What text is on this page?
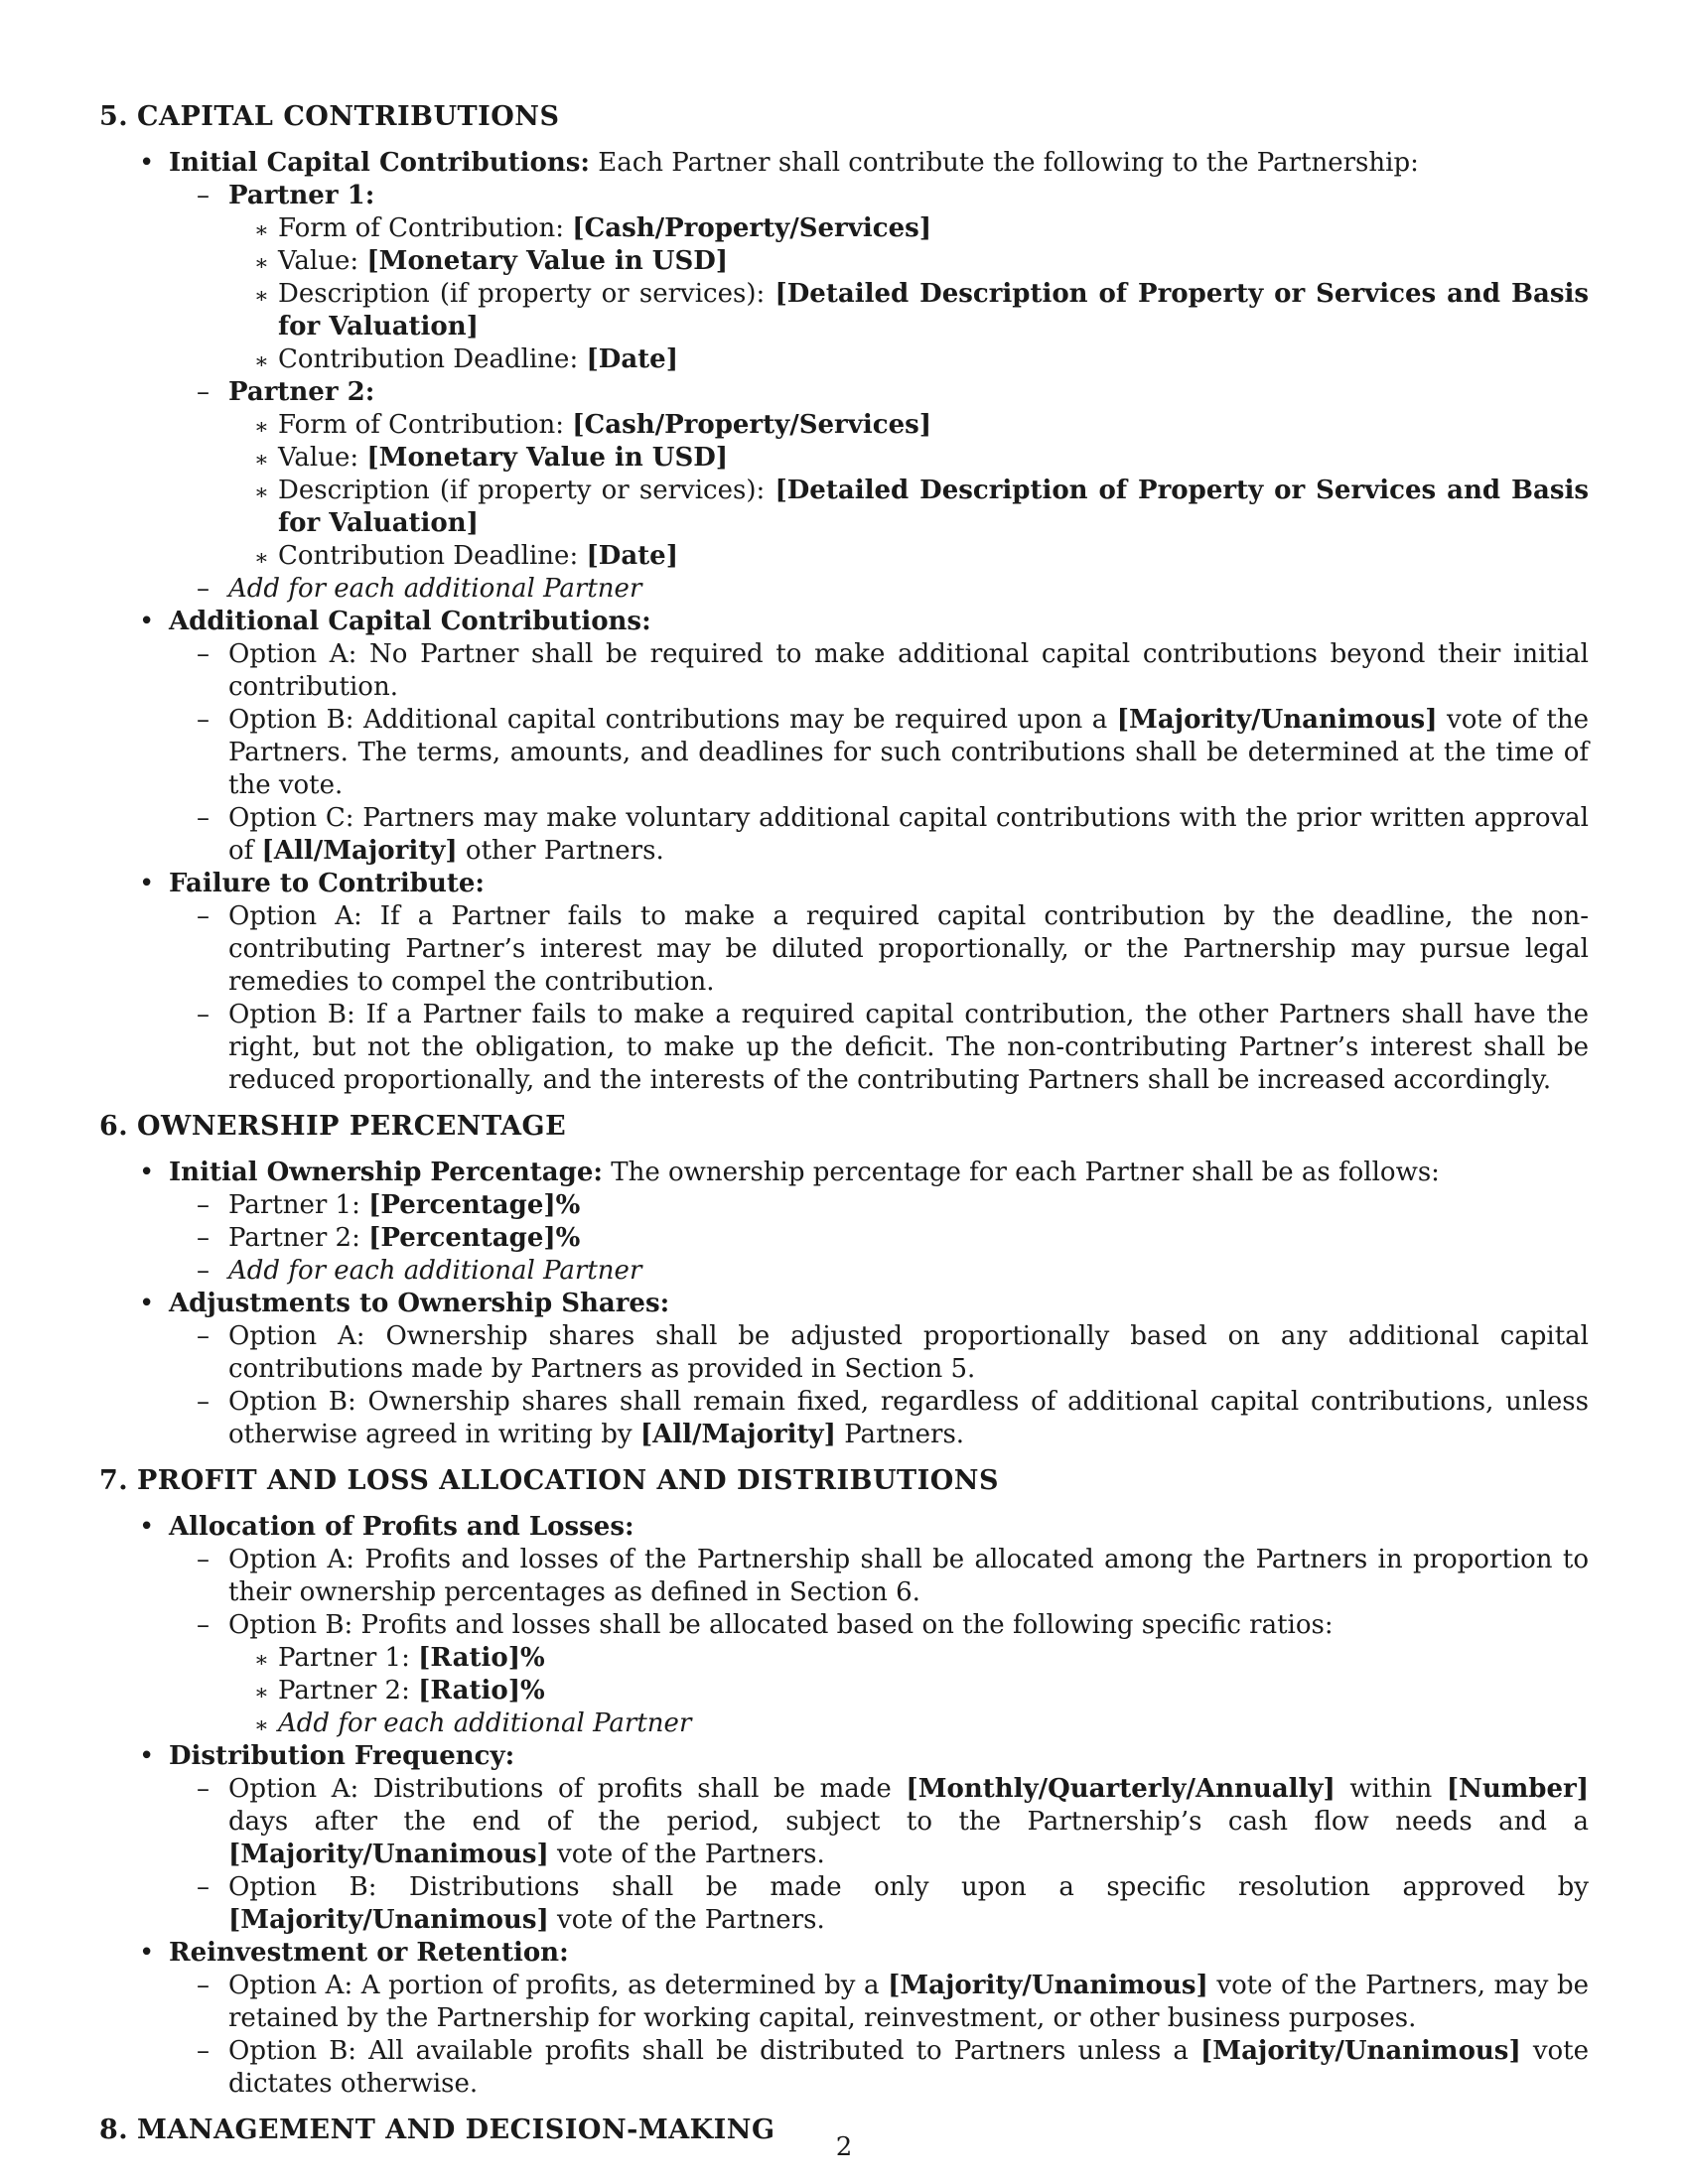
5. CAPITAL CONTRIBUTIONS
• Initial Capital Contributions: Each Partner shall contribute the following to the Partnership:
– Partner 1:
∗ Form of Contribution: [Cash/Property/Services]
∗ Value: [Monetary Value in USD]
∗ Description (if property or services): [Detailed Description of Property or Services and Basis for Valuation]
∗ Contribution Deadline: [Date]
– Partner 2:
∗ Form of Contribution: [Cash/Property/Services]
∗ Value: [Monetary Value in USD]
∗ Description (if property or services): [Detailed Description of Property or Services and Basis for Valuation]
∗ Contribution Deadline: [Date]
– Add for each additional Partner
• Additional Capital Contributions:
– Option A: No Partner shall be required to make additional capital contributions beyond their initial contribution.
– Option B: Additional capital contributions may be required upon a [Majority/Unanimous] vote of the Partners. The terms, amounts, and deadlines for such contributions shall be determined at the time of the vote.
– Option C: Partners may make voluntary additional capital contributions with the prior written approval of [All/Majority] other Partners.
• Failure to Contribute:
– Option A: If a Partner fails to make a required capital contribution by the deadline, the non-contributing Partner’s interest may be diluted proportionally, or the Partnership may pursue legal remedies to compel the contribution.
– Option B: If a Partner fails to make a required capital contribution, the other Partners shall have the right, but not the obligation, to make up the deficit. The non-contributing Partner’s interest shall be reduced proportionally, and the interests of the contributing Partners shall be increased accordingly.
6. OWNERSHIP PERCENTAGE
• Initial Ownership Percentage: The ownership percentage for each Partner shall be as follows:
– Partner 1: [Percentage]%
– Partner 2: [Percentage]%
– Add for each additional Partner
• Adjustments to Ownership Shares:
– Option A: Ownership shares shall be adjusted proportionally based on any additional capital contributions made by Partners as provided in Section 5.
– Option B: Ownership shares shall remain fixed, regardless of additional capital contributions, unless otherwise agreed in writing by [All/Majority] Partners.
7. PROFIT AND LOSS ALLOCATION AND DISTRIBUTIONS
• Allocation of Profits and Losses:
– Option A: Profits and losses of the Partnership shall be allocated among the Partners in proportion to their ownership percentages as defined in Section 6.
– Option B: Profits and losses shall be allocated based on the following specific ratios:
∗ Partner 1: [Ratio]%
∗ Partner 2: [Ratio]%
∗ Add for each additional Partner
• Distribution Frequency:
– Option A: Distributions of profits shall be made [Monthly/Quarterly/Annually] within [Number] days after the end of the period, subject to the Partnership’s cash flow needs and a [Majority/Unanimous] vote of the Partners.
– Option B: Distributions shall be made only upon a specific resolution approved by [Majority/Unanimous] vote of the Partners.
• Reinvestment or Retention:
– Option A: A portion of profits, as determined by a [Majority/Unanimous] vote of the Partners, may be retained by the Partnership for working capital, reinvestment, or other business purposes.
– Option B: All available profits shall be distributed to Partners unless a [Majority/Unanimous] vote dictates otherwise.
8. MANAGEMENT AND DECISION-MAKING
2
